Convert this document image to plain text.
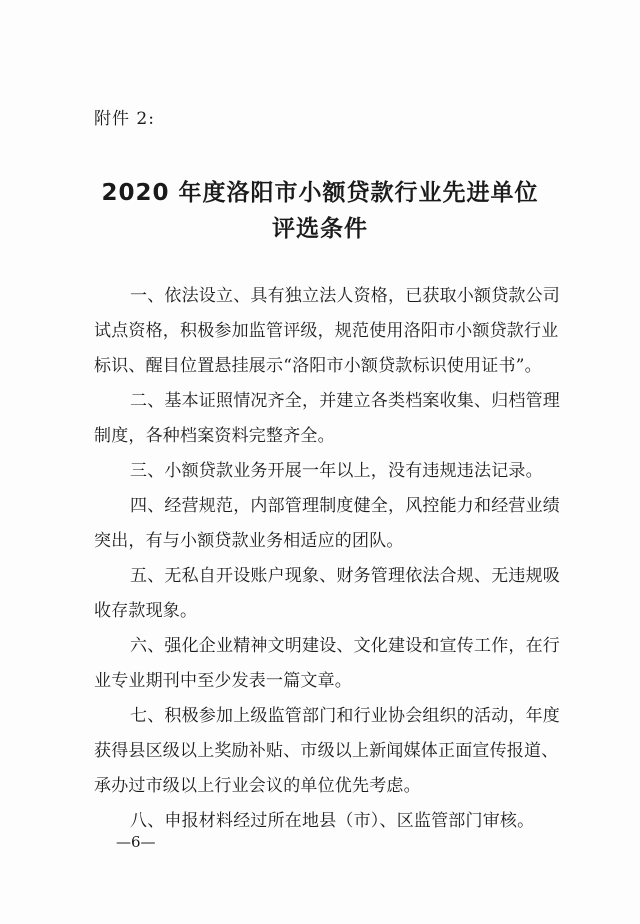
附件 2:
2020 年度洛阳市小额贷款行业先进单位
评选条件
一、依法设立、具有独立法人资格，已获取小额贷款公司
试点资格，积极参加监管评级，规范使用洛阳市小额贷款行业
标识、醒目位置悬挂展示“洛阳市小额贷款标识使用证书”。
二、基本证照情况齐全，并建立各类档案收集、归档管理
制度，各种档案资料完整齐全。
三、小额贷款业务开展一年以上，没有违规违法记录。
四、经营规范，内部管理制度健全，风控能力和经营业绩
突出，有与小额贷款业务相适应的团队。
五、无私自开设账户现象、财务管理依法合规、无违规吸
收存款现象。
六、强化企业精神文明建设、文化建设和宣传工作，在行
业专业期刊中至少发表一篇文章。
七、积极参加上级监管部门和行业协会组织的活动，年度
获得县区级以上奖励补贴、市级以上新闻媒体正面宣传报道、
承办过市级以上行业会议的单位优先考虑。
八、申报材料经过所在地县（市）、区监管部门审核。
—6—
